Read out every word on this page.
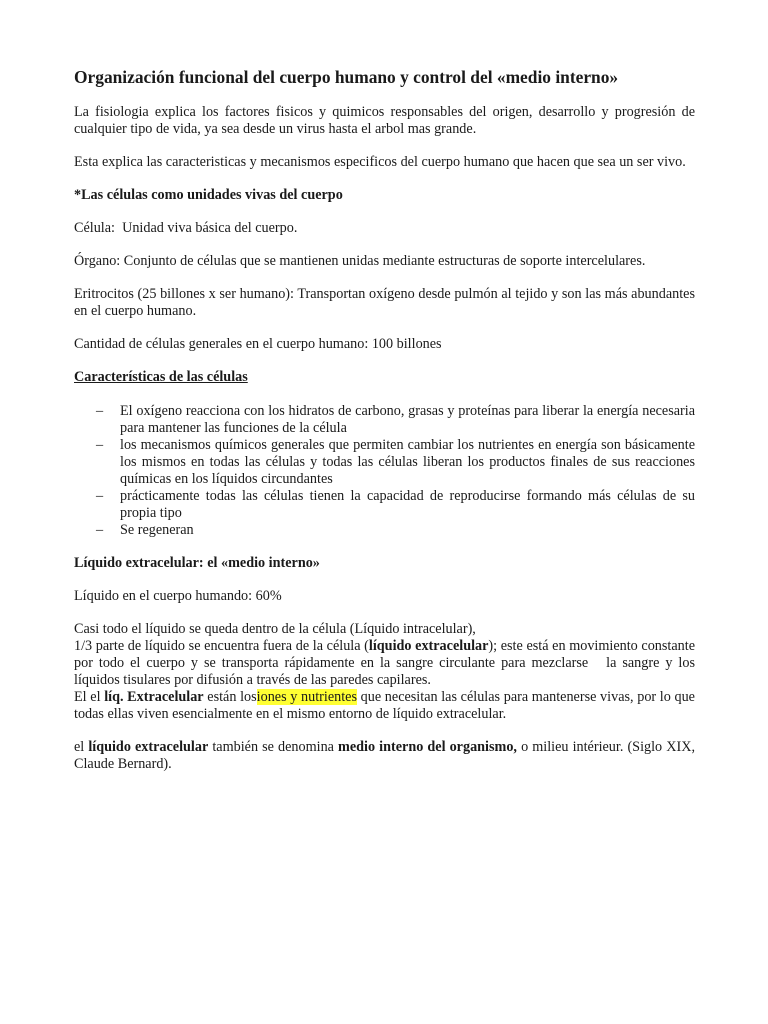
Organización funcional del cuerpo humano y control del «medio interno»

La fisiologia explica los factores fisicos y quimicos responsables del origen, desarrollo y progresión de cualquier tipo de vida, ya sea desde un virus hasta el arbol mas grande.

Esta explica las caracteristicas y mecanismos especificos del cuerpo humano que hacen que sea un ser vivo.

*Las células como unidades vivas del cuerpo

Célula:  Unidad viva básica del cuerpo.

Órgano: Conjunto de células que se mantienen unidas mediante estructuras de soporte intercelulares.

Eritrocitos (25 billones x ser humano): Transportan oxígeno desde pulmón al tejido y son las más abundantes en el cuerpo humano.

Cantidad de células generales en el cuerpo humano: 100 billones

Características de las células

– El oxígeno reacciona con los hidratos de carbono, grasas y proteínas para liberar la energía necesaria para mantener las funciones de la célula
– los mecanismos químicos generales que permiten cambiar los nutrientes en energía son básicamente los mismos en todas las células y todas las células liberan los productos finales de sus reacciones químicas en los líquidos circundantes
– prácticamente todas las células tienen la capacidad de reproducirse formando más células de su propia tipo
– Se regeneran

Líquido extracelular: el «medio interno»

Líquido en el cuerpo humando: 60%

Casi todo el líquido se queda dentro de la célula (Líquido intracelular),
1/3 parte de líquido se encuentra fuera de la célula (líquido extracelular); este está en movimiento constante por todo el cuerpo y se transporta rápidamente en la sangre circulante para mezclarse   la sangre y los líquidos tisulares por difusión a través de las paredes capilares.
El el líq. Extracelular están losiones y nutrientes que necesitan las células para mantenerse vivas, por lo que todas ellas viven esencialmente en el mismo entorno de líquido extracelular.

el líquido extracelular también se denomina medio interno del organismo, o milieu intérieur. (Siglo XIX, Claude Bernard).
